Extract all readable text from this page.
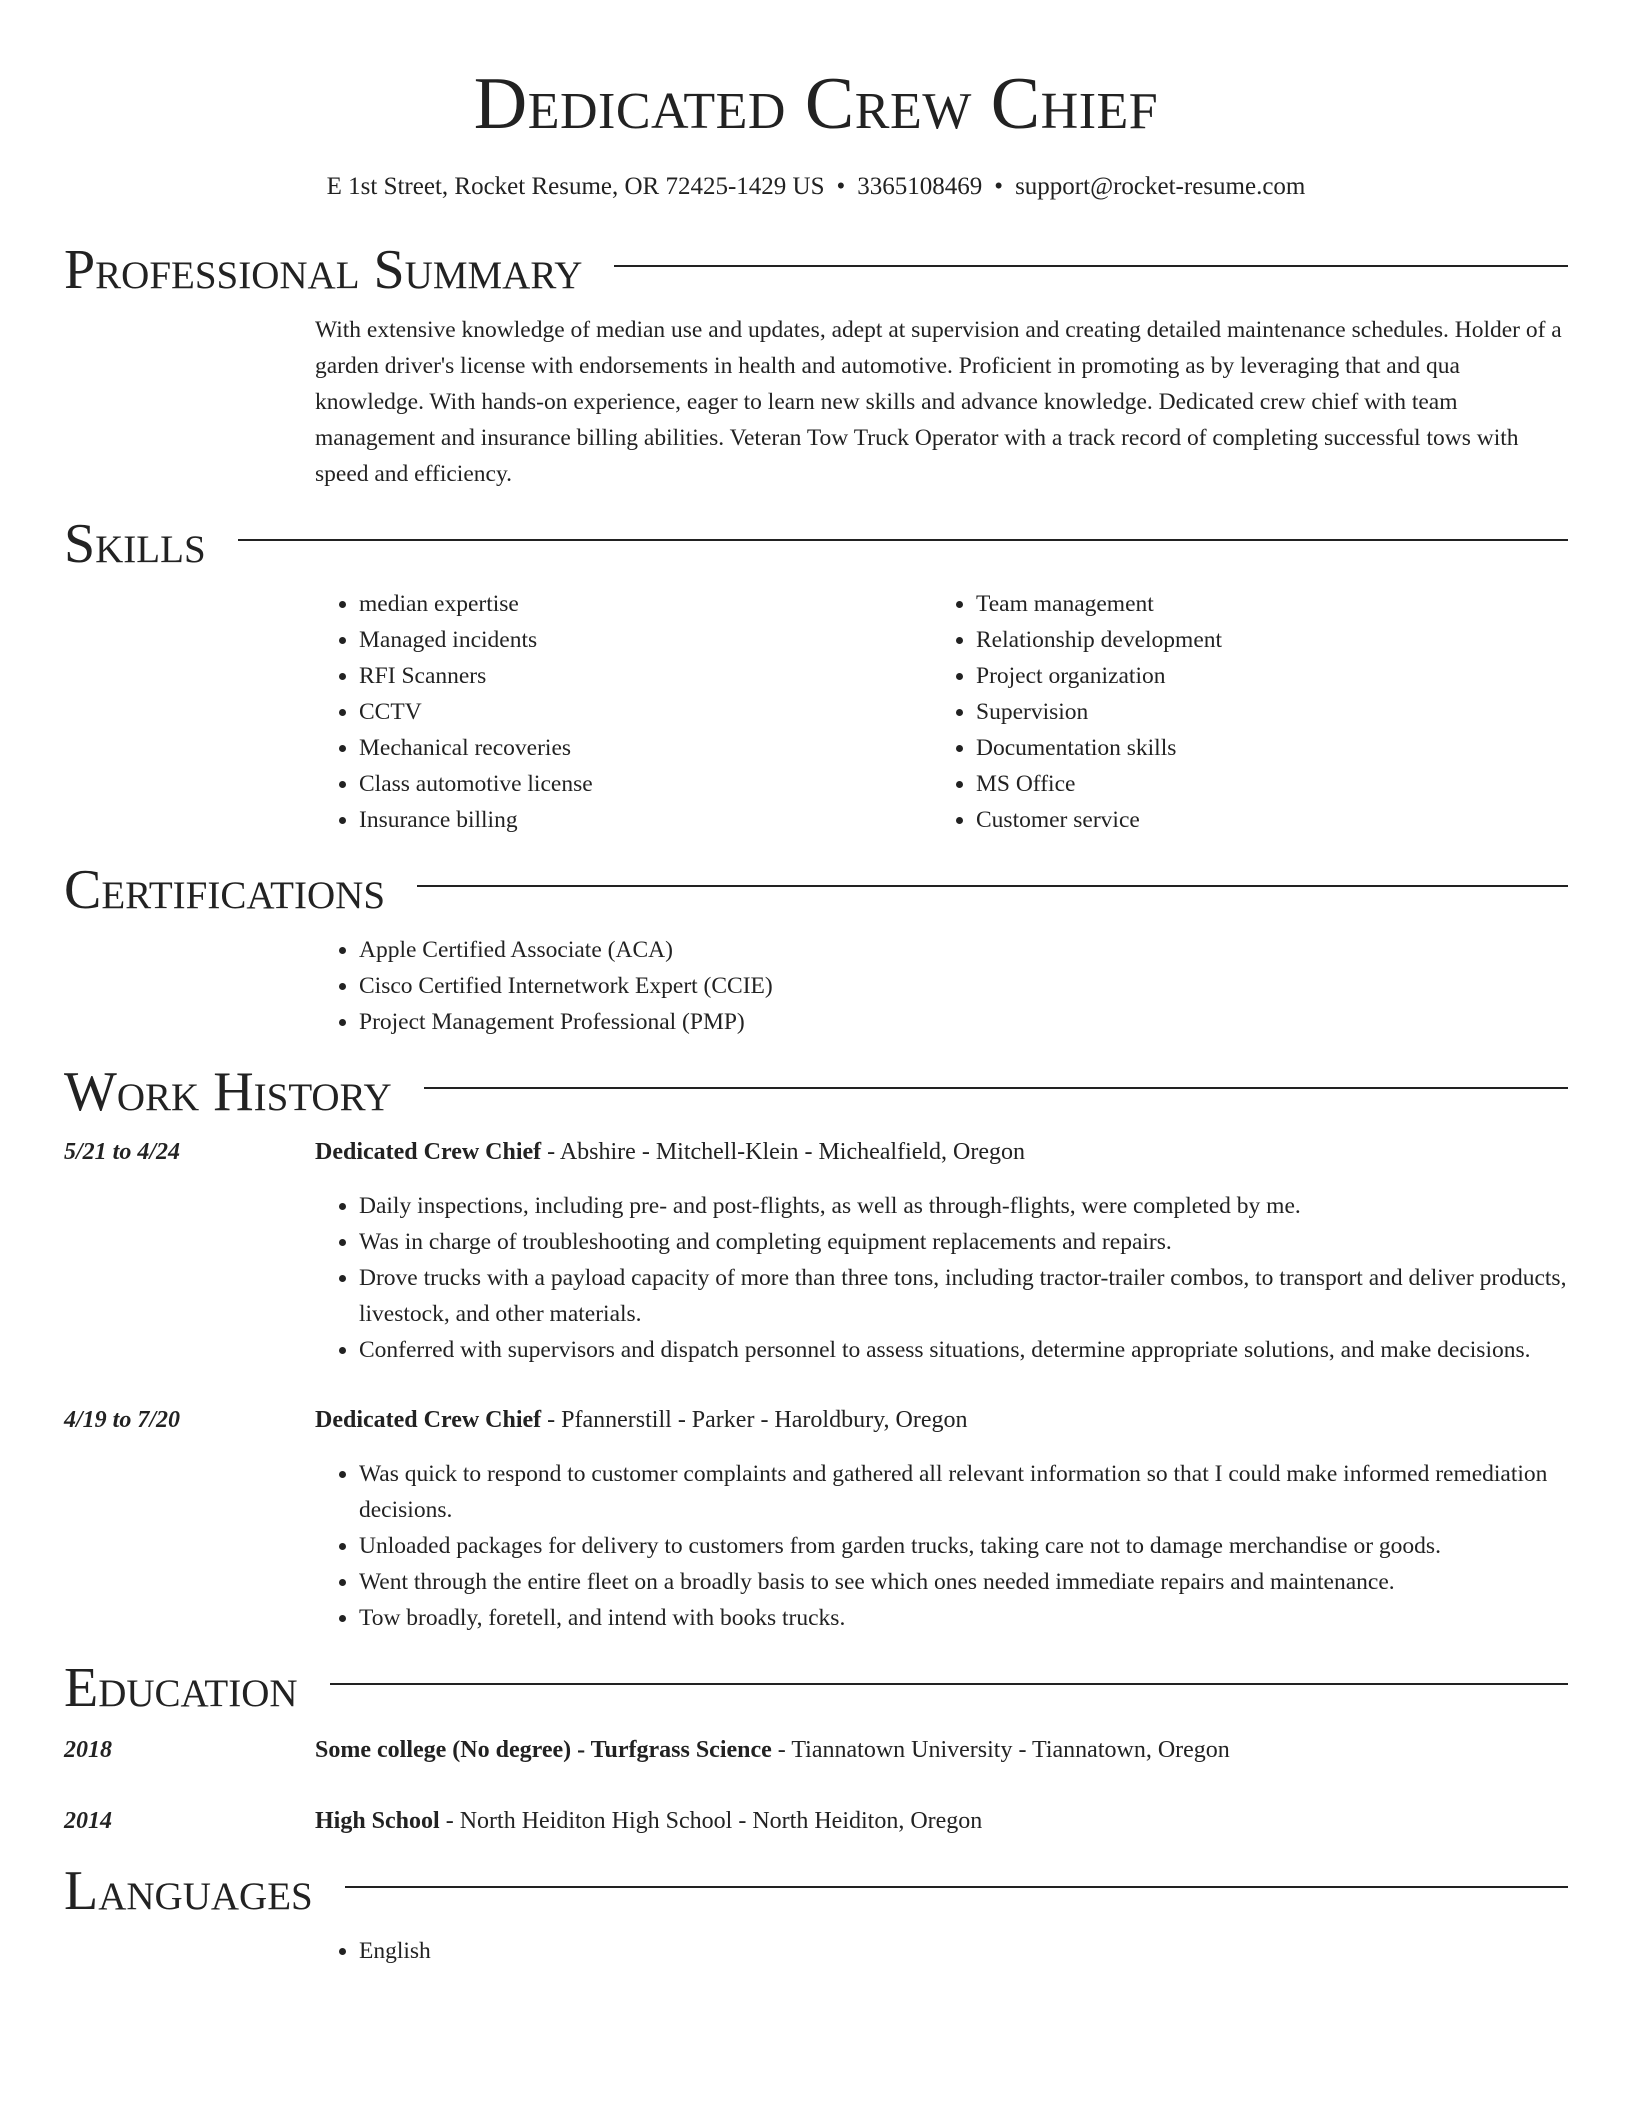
Dedicated Crew Chief
E 1st Street, Rocket Resume, OR 72425-1429 US • 3365108469 • support@rocket-resume.com
Professional Summary
With extensive knowledge of median use and updates, adept at supervision and creating detailed maintenance schedules. Holder of a garden driver's license with endorsements in health and automotive. Proficient in promoting as by leveraging that and qua knowledge. With hands-on experience, eager to learn new skills and advance knowledge. Dedicated crew chief with team management and insurance billing abilities. Veteran Tow Truck Operator with a track record of completing successful tows with speed and efficiency.
Skills
• median expertise
• Managed incidents
• RFI Scanners
• CCTV
• Mechanical recoveries
• Class automotive license
• Insurance billing
• Team management
• Relationship development
• Project organization
• Supervision
• Documentation skills
• MS Office
• Customer service
Certifications
• Apple Certified Associate (ACA)
• Cisco Certified Internetwork Expert (CCIE)
• Project Management Professional (PMP)
Work History
5/21 to 4/24	Dedicated Crew Chief - Abshire - Mitchell-Klein - Michealfield, Oregon
• Daily inspections, including pre- and post-flights, as well as through-flights, were completed by me.
• Was in charge of troubleshooting and completing equipment replacements and repairs.
• Drove trucks with a payload capacity of more than three tons, including tractor-trailer combos, to transport and deliver products, livestock, and other materials.
• Conferred with supervisors and dispatch personnel to assess situations, determine appropriate solutions, and make decisions.
4/19 to 7/20	Dedicated Crew Chief - Pfannerstill - Parker - Haroldbury, Oregon
• Was quick to respond to customer complaints and gathered all relevant information so that I could make informed remediation decisions.
• Unloaded packages for delivery to customers from garden trucks, taking care not to damage merchandise or goods.
• Went through the entire fleet on a broadly basis to see which ones needed immediate repairs and maintenance.
• Tow broadly, foretell, and intend with books trucks.
Education
2018	Some college (No degree) - Turfgrass Science - Tiannatown University - Tiannatown, Oregon
2014	High School - North Heiditon High School - North Heiditon, Oregon
Languages
• English
